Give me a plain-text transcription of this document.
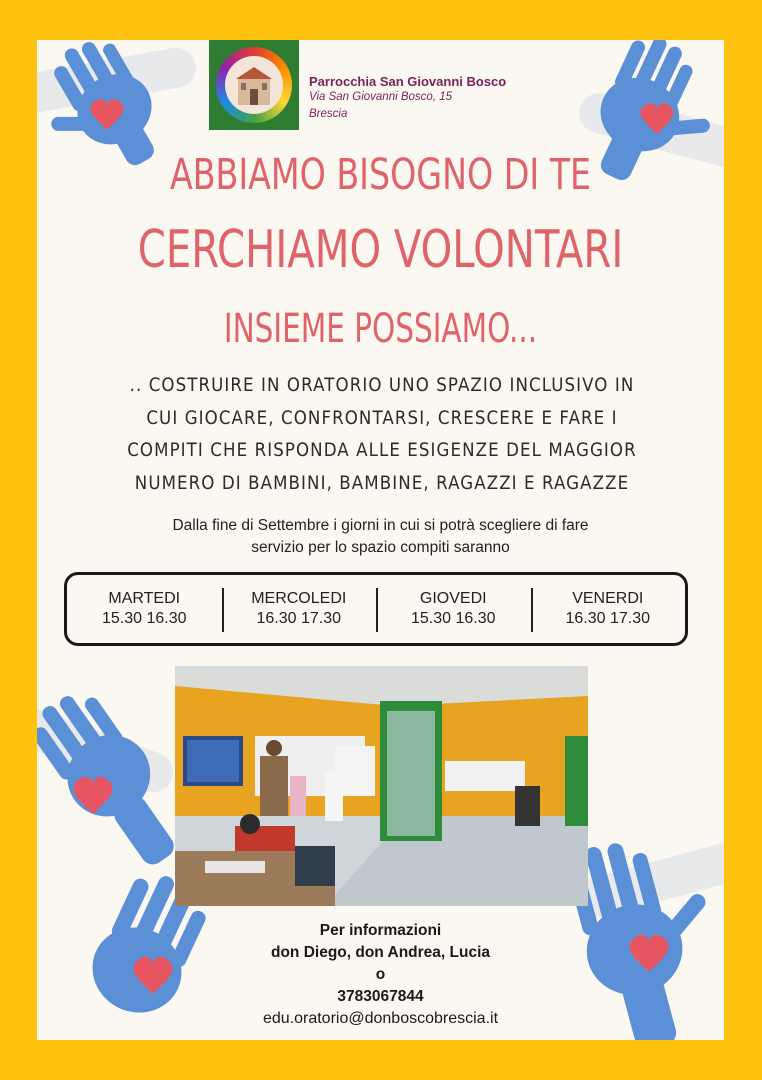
Parrocchia San Giovanni Bosco
Via San Giovanni Bosco, 15
Brescia
ABBIAMO BISOGNO DI TE
CERCHIAMO VOLONTARI
INSIEME POSSIAMO...
.. COSTRUIRE IN ORATORIO UNO SPAZIO INCLUSIVO IN
CUI GIOCARE, CONFRONTARSI, CRESCERE E FARE I
COMPITI CHE RISPONDA ALLE ESIGENZE DEL MAGGIOR
NUMERO DI BAMBINI, BAMBINE, RAGAZZI E RAGAZZE
Dalla fine di Settembre i giorni in cui si potrà scegliere di fare
servizio per lo spazio compiti saranno
MARTEDI
15.30 16.30
MERCOLEDI
16.30 17.30
GIOVEDI
15.30 16.30
VENERDI
16.30 17.30
Per informazioni
don Diego, don Andrea, Lucia
o
3783067844
edu.oratorio@donboscobrescia.it
